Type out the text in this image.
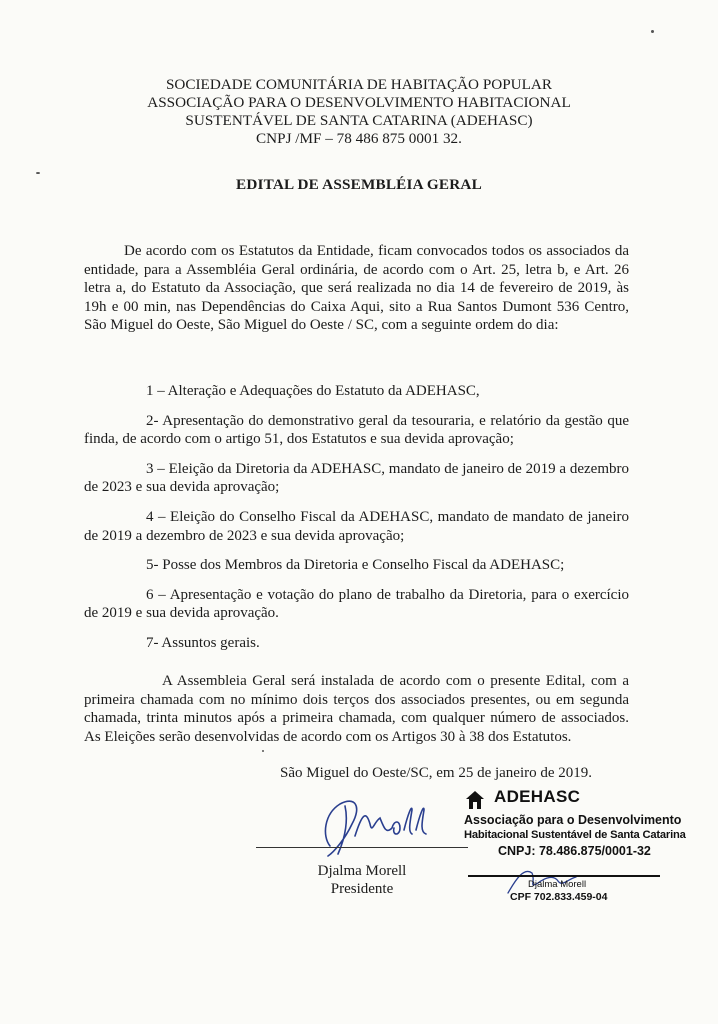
SOCIEDADE COMUNITÁRIA DE HABITAÇÃO POPULAR
ASSOCIAÇÃO PARA O DESENVOLVIMENTO HABITACIONAL
SUSTENTÁVEL DE SANTA CATARINA (ADEHASC)
CNPJ /MF – 78 486 875 0001 32.
EDITAL DE ASSEMBLÉIA GERAL
De acordo com os Estatutos da Entidade, ficam convocados todos os associados da entidade, para a Assembléia Geral ordinária, de acordo com o Art. 25, letra b, e Art. 26 letra a, do Estatuto da Associação, que será realizada no dia 14 de fevereiro de 2019, às 19h e 00 min, nas Dependências do Caixa Aqui, sito a Rua Santos Dumont 536 Centro, São Miguel do Oeste, São Miguel do Oeste / SC, com a seguinte ordem do dia:
1 – Alteração e Adequações do Estatuto da ADEHASC,
2- Apresentação do demonstrativo geral da tesouraria, e relatório da gestão que finda, de acordo com o artigo 51, dos Estatutos e sua devida aprovação;
3 – Eleição da Diretoria da ADEHASC, mandato de janeiro de 2019 a dezembro de 2023 e sua devida aprovação;
4 – Eleição do Conselho Fiscal da ADEHASC, mandato de mandato de janeiro de 2019 a dezembro de 2023 e sua devida aprovação;
5- Posse dos Membros da Diretoria e Conselho Fiscal da ADEHASC;
6 – Apresentação e votação do plano de trabalho da Diretoria, para o exercício de 2019 e sua devida aprovação.
7- Assuntos gerais.
A Assembleia Geral será instalada de acordo com o presente Edital, com a primeira chamada com no mínimo dois terços dos associados presentes, ou em segunda chamada, trinta minutos após a primeira chamada, com qualquer número de associados. As Eleições serão desenvolvidas de acordo com os Artigos 30 à 38 dos Estatutos.
São Miguel do Oeste/SC, em 25 de janeiro de 2019.
Djalma Morell
Presidente
ADEHASC
Associação para o Desenvolvimento
Habitacional Sustentável de Santa Catarina
CNPJ: 78.486.875/0001-32
Djalma Morell
CPF 702.833.459-04
